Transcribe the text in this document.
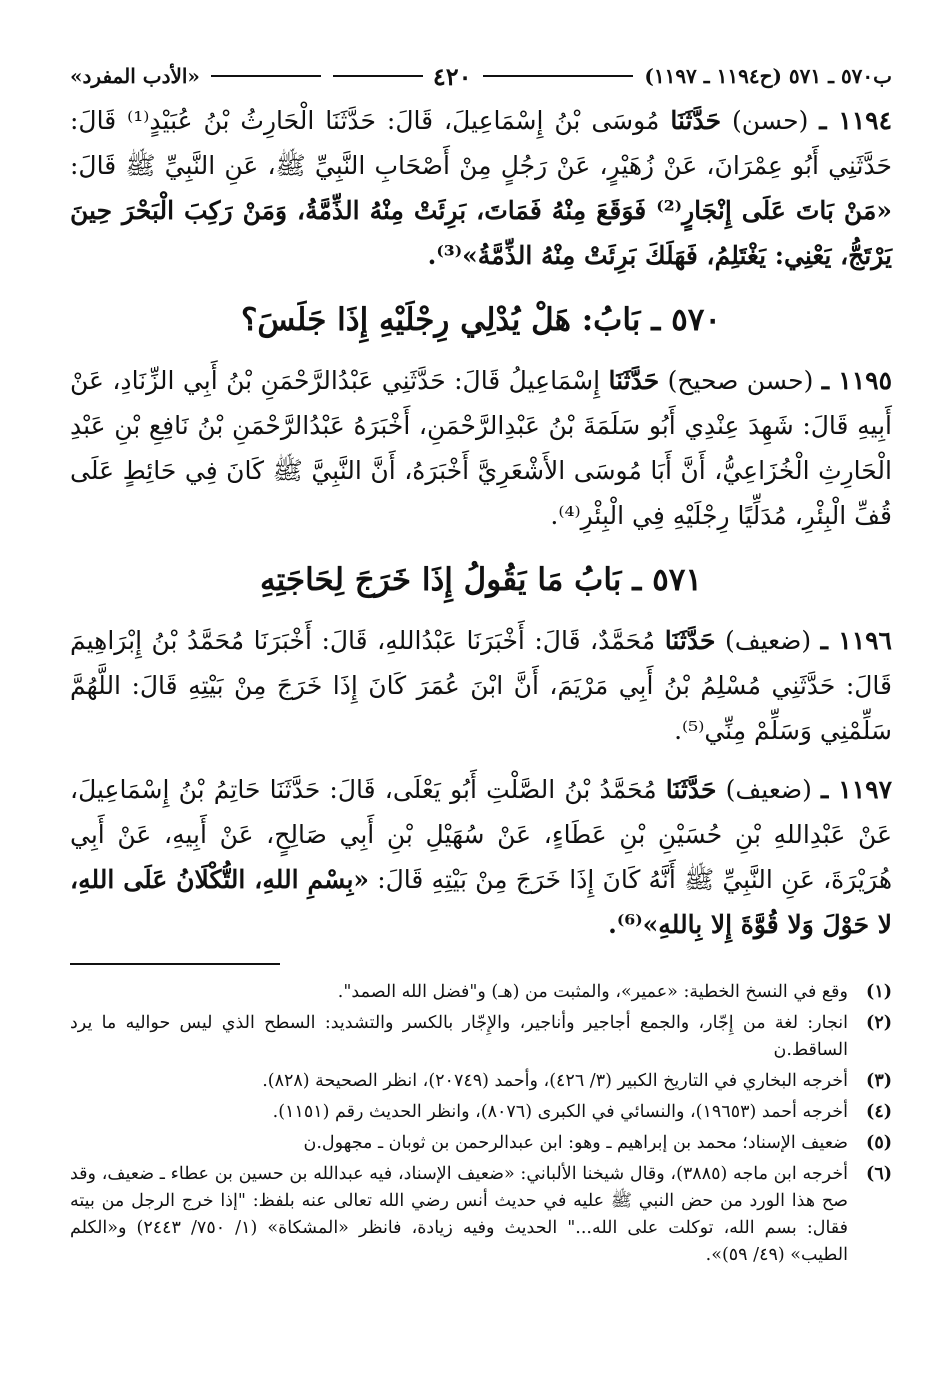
ب٥٧٠ ـ ٥٧١ (ح١١٩٤ ـ ١١٩٧)
٤٢٠
«الأدب المفرد»

١١٩٤ ـ (حسن) حَدَّثَنَا مُوسَى بْنُ إِسْمَاعِيلَ، قَالَ: حَدَّثَنَا الْحَارِثُ بْنُ عُبَيْدٍ⁽¹⁾ قَالَ: حَدَّثَنِي أَبُو عِمْرَانَ، عَنْ زُهَيْرٍ، عَنْ رَجُلٍ مِنْ أَصْحَابِ النَّبِيِّ ﷺ، عَنِ النَّبِيِّ ﷺ قَالَ: «مَنْ بَاتَ عَلَى إِنْجَارٍ⁽²⁾ فَوَقَعَ مِنْهُ فَمَاتَ، بَرِئَتْ مِنْهُ الذِّمَّةُ، وَمَنْ رَكِبَ الْبَحْرَ حِينَ يَرْتَجُّ، يَعْنِي: يَغْتَلِمُ، فَهَلَكَ بَرِئَتْ مِنْهُ الذِّمَّةُ»⁽³⁾.

٥٧٠ ـ بَابُ: هَلْ يُدْلِي رِجْلَيْهِ إِذَا جَلَسَ؟

١١٩٥ ـ (حسن صحيح) حَدَّثَنَا إِسْمَاعِيلُ قَالَ: حَدَّثَنِي عَبْدُالرَّحْمَنِ بْنُ أَبِي الزِّنَادِ، عَنْ أَبِيهِ قَالَ: شَهِدَ عِنْدِي أَبُو سَلَمَةَ بْنُ عَبْدِالرَّحْمَنِ، أَخْبَرَهُ عَبْدُالرَّحْمَنِ بْنُ نَافِعِ بْنِ عَبْدِ الْحَارِثِ الْخُزَاعِيُّ، أَنَّ أَبَا مُوسَى الأَشْعَرِيَّ أَخْبَرَهُ، أَنَّ النَّبِيَّ ﷺ كَانَ فِي حَائِطٍ عَلَى قُفِّ الْبِئْرِ، مُدَلِّيًا رِجْلَيْهِ فِي الْبِئْرِ⁽⁴⁾.

٥٧١ ـ بَابُ مَا يَقُولُ إِذَا خَرَجَ لِحَاجَتِهِ

١١٩٦ ـ (ضعيف) حَدَّثَنَا مُحَمَّدٌ، قَالَ: أَخْبَرَنَا عَبْدُاللهِ، قَالَ: أَخْبَرَنَا مُحَمَّدُ بْنُ إِبْرَاهِيمَ قَالَ: حَدَّثَنِي مُسْلِمُ بْنُ أَبِي مَرْيَمَ، أَنَّ ابْنَ عُمَرَ كَانَ إِذَا خَرَجَ مِنْ بَيْتِهِ قَالَ: اللَّهُمَّ سَلِّمْنِي وَسَلِّمْ مِنِّي⁽⁵⁾.

١١٩٧ ـ (ضعيف) حَدَّثَنَا مُحَمَّدُ بْنُ الصَّلْتِ أَبُو يَعْلَى، قَالَ: حَدَّثَنَا حَاتِمُ بْنُ إِسْمَاعِيلَ، عَنْ عَبْدِاللهِ بْنِ حُسَيْنِ بْنِ عَطَاءٍ، عَنْ سُهَيْلِ بْنِ أَبِي صَالِحٍ، عَنْ أَبِيهِ، عَنْ أَبِي هُرَيْرَةَ، عَنِ النَّبِيِّ ﷺ أَنَّهُ كَانَ إِذَا خَرَجَ مِنْ بَيْتِهِ قَالَ: «بِسْمِ اللهِ، التُّكْلَانُ عَلَى اللهِ، لا حَوْلَ وَلا قُوَّةَ إِلا بِاللهِ»⁽⁶⁾.

(١)
وقع في النسخ الخطية: «عمير»، والمثبت من (هـ) و"فضل الله الصمد".
(٢)
انجار: لغة من إِجّار، والجمع أجاجير وأناجير، والإِجّار بالكسر والتشديد: السطح الذي ليس حواليه ما يرد الساقط.ن
(٣)
أخرجه البخاري في التاريخ الكبير (٣/ ٤٢٦)، وأحمد (٢٠٧٤٩)، انظر الصحيحة (٨٢٨).
(٤)
أخرجه أحمد (١٩٦٥٣)، والنسائي في الكبرى (٨٠٧٦)، وانظر الحديث رقم (١١٥١).
(٥)
ضعيف الإسناد؛ محمد بن إبراهيم ـ وهو: ابن عبدالرحمن بن ثوبان ـ مجهول.ن
(٦)
أخرجه ابن ماجه (٣٨٨٥)، وقال شيخنا الألباني: «ضعيف الإسناد، فيه عبدالله بن حسين بن عطاء ـ ضعيف، وقد صح هذا الورد من حض النبي ﷺ عليه في حديث أنس رضي الله تعالى عنه بلفظ: "إذا خرج الرجل من بيته فقال: بسم الله، توكلت على الله..." الحديث وفيه زيادة، فانظر «المشكاة» (١/ ٧٥٠/ ٢٤٤٣) و«الكلم الطيب» (٤٩/ ٥٩)».
